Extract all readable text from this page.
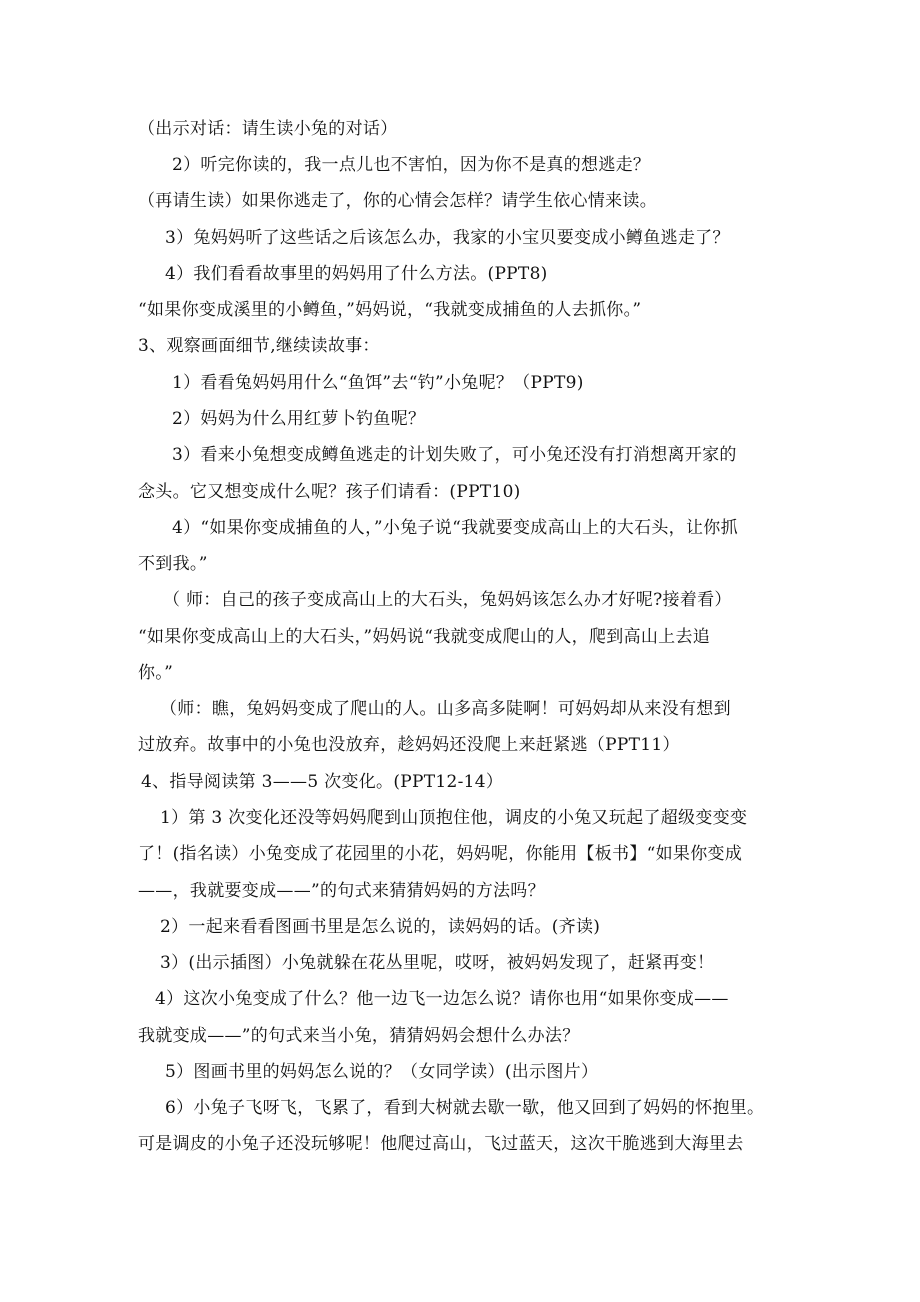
（出示对话：请生读小兔的对话）
2）听完你读的，我一点儿也不害怕，因为你不是真的想逃走？
（再请生读）如果你逃走了，你的心情会怎样？请学生依心情来读。
3）兔妈妈听了这些话之后该怎么办，我家的小宝贝要变成小鳟鱼逃走了？
4）我们看看故事里的妈妈用了什么方法。(PPT8)
“如果你变成溪里的小鳟鱼，”妈妈说，“我就变成捕鱼的人去抓你。”
3、观察画面细节,继续读故事：
1）看看兔妈妈用什么“鱼饵”去“钓”小兔呢？（PPT9)
2）妈妈为什么用红萝卜钓鱼呢？
3）看来小兔想变成鳟鱼逃走的计划失败了，可小兔还没有打消想离开家的
念头。它又想变成什么呢？孩子们请看：(PPT10)
4）“如果你变成捕鱼的人，”小兔子说“我就要变成高山上的大石头，让你抓
不到我。”
（ 师：自己的孩子变成高山上的大石头，兔妈妈该怎么办才好呢?接着看）
“如果你变成高山上的大石头，”妈妈说“我就变成爬山的人，爬到高山上去追
你。”
（师：瞧，兔妈妈变成了爬山的人。山多高多陡啊！可妈妈却从来没有想到
过放弃。故事中的小兔也没放弃，趁妈妈还没爬上来赶紧逃（PPT11）
4、指导阅读第 3——5 次变化。(PPT12-14）
1）第 3 次变化还没等妈妈爬到山顶抱住他，调皮的小兔又玩起了超级变变变
了！(指名读）小兔变成了花园里的小花，妈妈呢，你能用【板书】“如果你变成
——，我就要变成——”的句式来猜猜妈妈的方法吗？
2）一起来看看图画书里是怎么说的，读妈妈的话。(齐读)
3）(出示插图）小兔就躲在花丛里呢，哎呀，被妈妈发现了，赶紧再变！
4）这次小兔变成了什么？他一边飞一边怎么说？请你也用“如果你变成——
我就变成——”的句式来当小兔，猜猜妈妈会想什么办法？
5）图画书里的妈妈怎么说的？（女同学读）(出示图片）
6）小兔子飞呀飞，飞累了，看到大树就去歇一歇，他又回到了妈妈的怀抱里。
可是调皮的小兔子还没玩够呢！他爬过高山，飞过蓝天，这次干脆逃到大海里去
